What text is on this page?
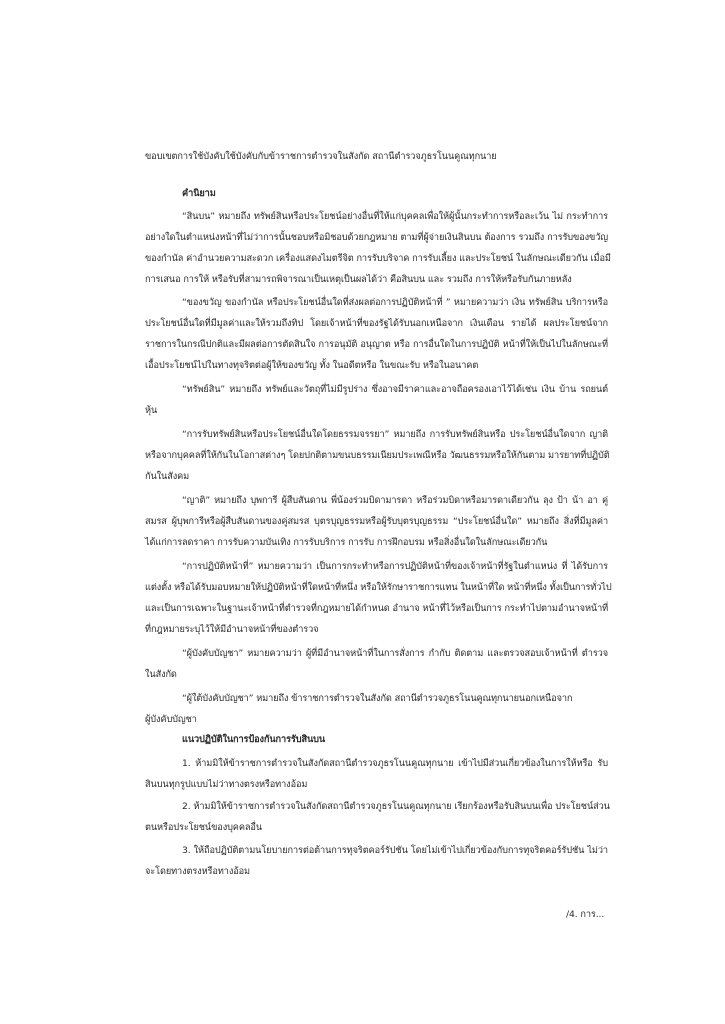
ขอบเขตการใช้บังคับใช้บังคับกับข้าราชการตำรวจในสังกัด สถานีตำรวจภูธรโนนคูณทุกนาย
คำนิยาม
“สินบน” หมายถึง ทรัพย์สินหรือประโยชน์อย่างอื่นที่ให้แก่บุคคลเพื่อให้ผู้นั้นกระทำการหรือละเว้น ไม่ กระทำการ
อย่างใดในตำแหน่งหน้าที่ไม่ว่าการนั้นชอบหรือมิชอบด้วยกฎหมาย ตามที่ผู้จ่ายเงินสินบน ต้องการ รวมถึง การรับของขวัญ
ของกำนัล ค่าอำนวยความสะดวก เครื่องแสดงไมตรีจิต การรับบริจาค การรับเลี้ยง และประโยชน์ ในลักษณะเดียวกัน เมื่อมี
การเสนอ การให้ หรือรับที่สามารถพิจารณาเป็นเหตุเป็นผลได้ว่า คือสินบน และ รวมถึง การให้หรือรับกันภายหลัง
“ของขวัญ ของกำนัล หรือประโยชน์อื่นใดที่ส่งผลต่อการปฏิบัติหน้าที่ ” หมายความว่า เงิน ทรัพย์สิน บริการหรือ
ประโยชน์อื่นใดที่มีมูลค่าและให้รวมถึงทิป โดยเจ้าหน้าที่ของรัฐได้รับนอกเหนือจาก เงินเดือน รายได้ ผลประโยชน์จาก
ราชการในกรณีปกติและมีผลต่อการตัดสินใจ การอนุมัติ อนุญาต หรือ การอื่นใดในการปฏิบัติ หน้าที่ให้เป็นไปในลักษณะที่
เอื้อประโยชน์ไปในทางทุจริตต่อผู้ให้ของขวัญ ทั้ง ในอดีตหรือ ในขณะรับ หรือในอนาคต
“ทรัพย์สิน” หมายถึง ทรัพย์และวัตถุที่ไม่มีรูปร่าง ซึ่งอาจมีราคาและอาจถือครองเอาไว้ได้เช่น เงิน บ้าน รถยนต์
หุ้น
“การรับทรัพย์สินหรือประโยชน์อื่นใดโดยธรรมจรรยา” หมายถึง การรับทรัพย์สินหรือ ประโยชน์อื่นใดจาก ญาติ
หรือจากบุคคลที่ให้กันในโอกาสต่างๆ โดยปกติตามขนบธรรมเนียมประเพณีหรือ วัฒนธรรมหรือให้กันตาม มารยาทที่ปฏิบัติ
กันในสังคม
“ญาติ” หมายถึง บุพการี ผู้สืบสันดาน พี่น้องร่วมบิดามารดา หรือร่วมบิดาหรือมารดาเดียวกัน ลุง ป้า น้า อา คู่
สมรส ผู้บุพการีหรือผู้สืบสันดานของคู่สมรส บุตรบุญธรรมหรือผู้รับบุตรบุญธรรม “ประโยชน์อื่นใด” หมายถึง สิ่งที่มีมูลค่า
ได้แก่การลดราคา การรับความบันเทิง การรับบริการ การรับ การฝึกอบรม หรือสิ่งอื่นใดในลักษณะเดียวกัน
“การปฏิบัติหน้าที่” หมายความว่า เป็นการกระทำหรือการปฏิบัติหน้าที่ของเจ้าหน้าที่รัฐในตำแหน่ง ที่ ได้รับการ
แต่งตั้ง หรือได้รับมอบหมายให้ปฏิบัติหน้าที่ใดหน้าที่หนึ่ง หรือให้รักษาราชการแทน ในหน้าที่ใด หน้าที่หนึ่ง ทั้งเป็นการทั่วไป
และเป็นการเฉพาะในฐานะเจ้าหน้าที่ตำรวจที่กฎหมายได้กำหนด อำนาจ หน้าที่ไว้หรือเป็นการ กระทำไปตามอำนาจหน้าที่
ที่กฎหมายระบุไว้ให้มีอำนาจหน้าที่ของตำรวจ
“ผู้บังคับบัญชา” หมายความว่า ผู้ที่มีอำนาจหน้าที่ในการสั่งการ กำกับ ติดตาม และตรวจสอบเจ้าหน้าที่ ตำรวจ
ในสังกัด
“ผู้ใต้บังคับบัญชา” หมายถึง ข้าราชการตำรวจในสังกัด สถานีตำรวจภูธรโนนคูณทุกนายนอกเหนือจาก
ผู้บังคับบัญชา
แนวปฏิบัติในการป้องกันการรับสินบน
1. ห้ามมิให้ข้าราชการตำรวจในสังกัดสถานีตำรวจภูธรโนนคูณทุกนาย เข้าไปมีส่วนเกี่ยวข้องในการให้หรือ รับ
สินบนทุกรูปแบบไม่ว่าทางตรงหรือทางอ้อม
2. ห้ามมิให้ข้าราชการตำรวจในสังกัดสถานีตำรวจภูธรโนนคูณทุกนาย เรียกร้องหรือรับสินบนเพื่อ ประโยชน์ส่วน
ตนหรือประโยชน์ของบุคคลอื่น
3. ให้ถือปฏิบัติตามนโยบายการต่อต้านการทุจริตคอร์รัปชัน โดยไม่เข้าไปเกี่ยวข้องกับการทุจริตคอร์รัปชัน ไม่ว่า
จะโดยทางตรงหรือทางอ้อม
/4. การ...
